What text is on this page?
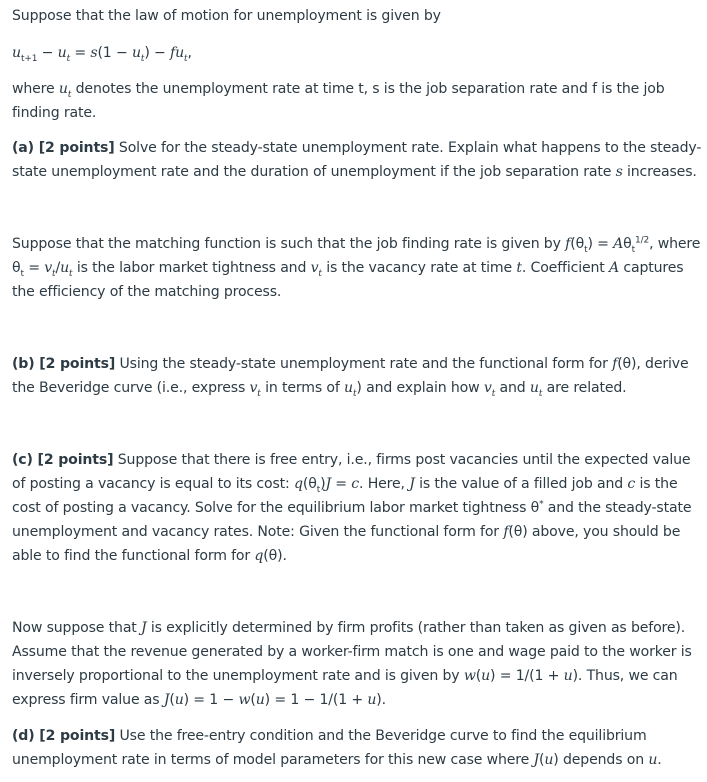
Suppose that the law of motion for unemployment is given by

$u_{t+1} - u_t = s(1 - u_t) - fu_t$,

where $u_t$ denotes the unemployment rate at time t, s is the job separation rate and f is the job finding rate.

(a) [2 points] Solve for the steady-state unemployment rate. Explain what happens to the steady-state unemployment rate and the duration of unemployment if the job separation rate s increases.

Suppose that the matching function is such that the job finding rate is given by $f(\theta_t) = A\theta_t^{1/2}$, where $\theta_t = v_t/u_t$ is the labor market tightness and $v_t$ is the vacancy rate at time t. Coefficient A captures the efficiency of the matching process.

(b) [2 points] Using the steady-state unemployment rate and the functional form for f(θ), derive the Beveridge curve (i.e., express $v_t$ in terms of $u_t$) and explain how $v_t$ and $u_t$ are related.

(c) [2 points] Suppose that there is free entry, i.e., firms post vacancies until the expected value of posting a vacancy is equal to its cost: $q(\theta_t)J = c$. Here, J is the value of a filled job and c is the cost of posting a vacancy. Solve for the equilibrium labor market tightness θ* and the steady-state unemployment and vacancy rates. Note: Given the functional form for f(θ) above, you should be able to find the functional form for q(θ).

Now suppose that J is explicitly determined by firm profits (rather than taken as given as before). Assume that the revenue generated by a worker-firm match is one and wage paid to the worker is inversely proportional to the unemployment rate and is given by w(u) = 1/(1 + u). Thus, we can express firm value as J(u) = 1 − w(u) = 1 − 1/(1 + u).

(d) [2 points] Use the free-entry condition and the Beveridge curve to find the equilibrium unemployment rate in terms of model parameters for this new case where J(u) depends on u.
